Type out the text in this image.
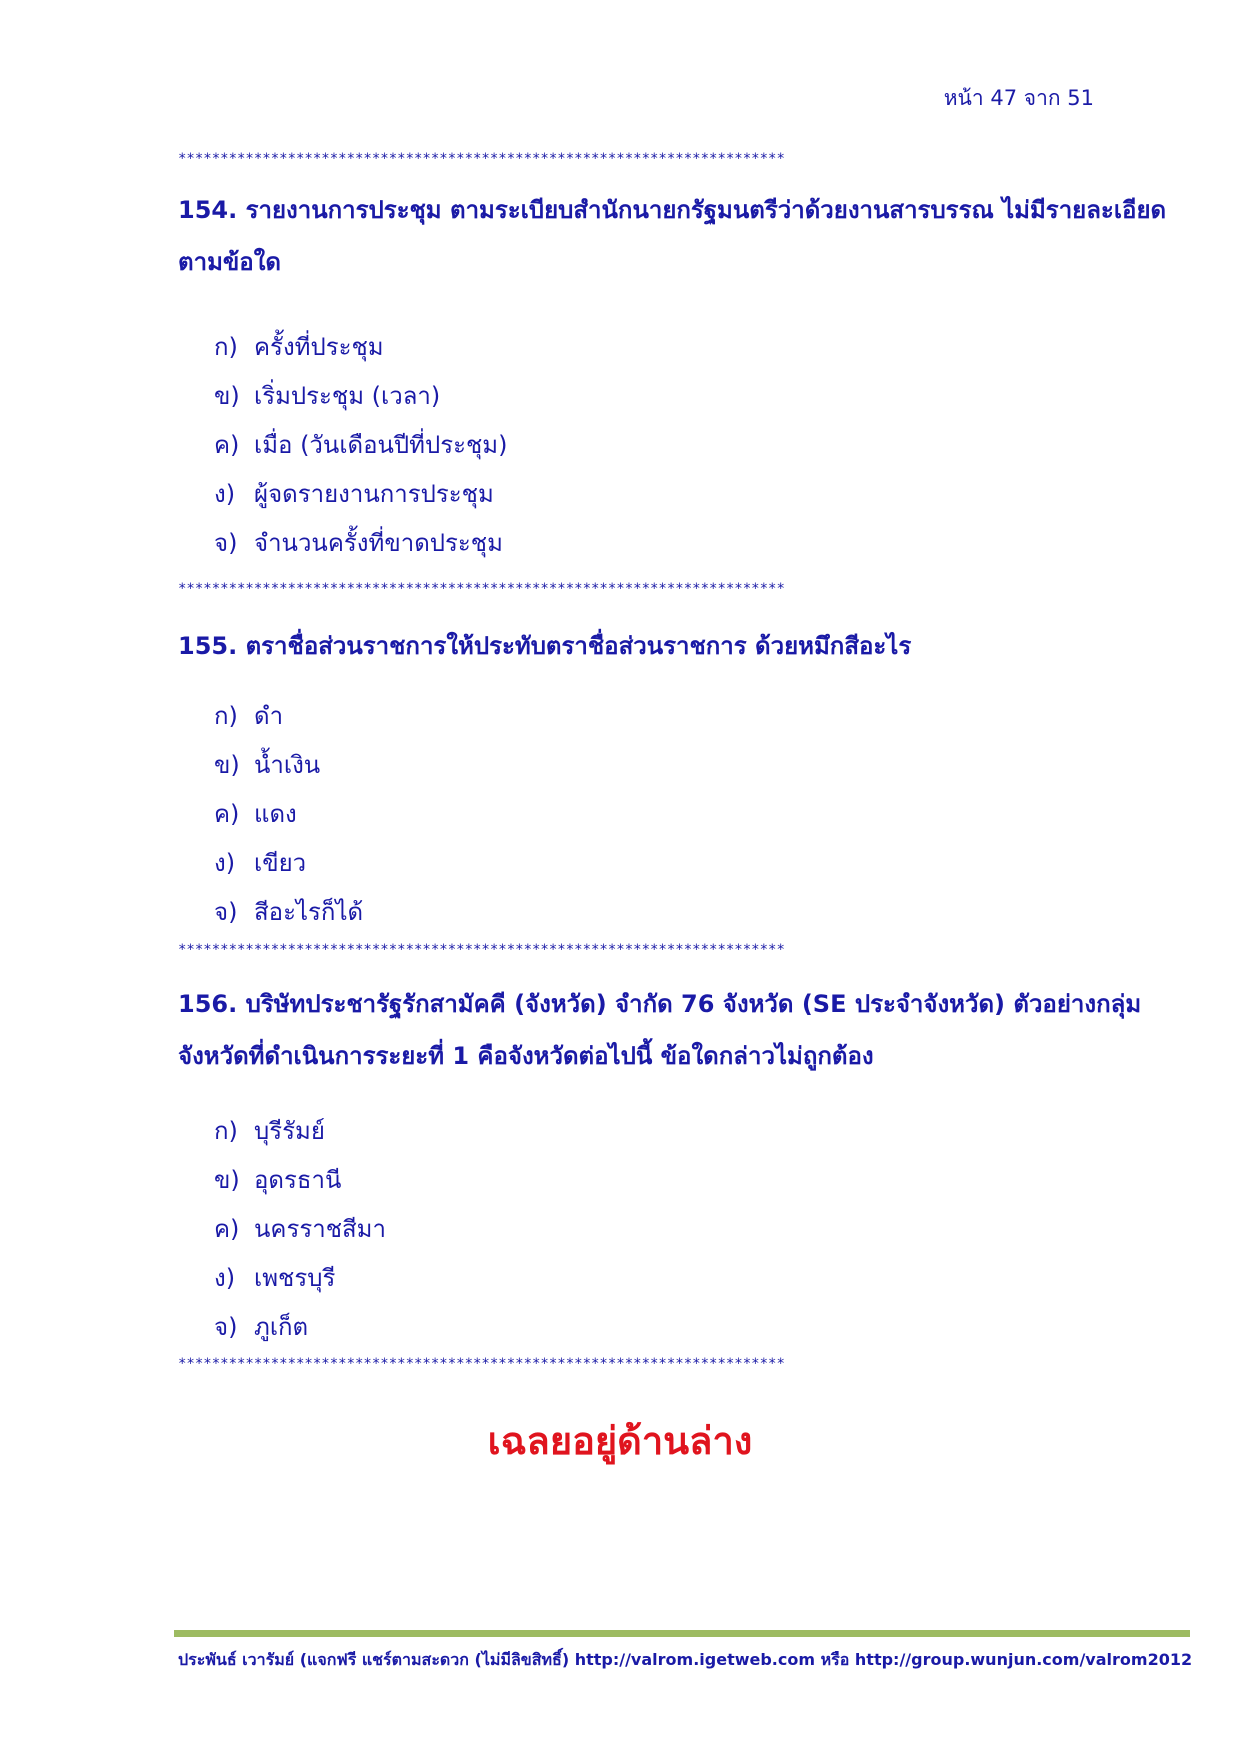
หน้า 47 จาก 51
************************************************************************
154. รายงานการประชุม ตามระเบียบสำนักนายกรัฐมนตรีว่าด้วยงานสารบรรณ ไม่มีรายละเอียดตามข้อใด
ก) ครั้งที่ประชุม
ข) เริ่มประชุม (เวลา)
ค) เมื่อ (วันเดือนปีที่ประชุม)
ง) ผู้จดรายงานการประชุม
จ) จำนวนครั้งที่ขาดประชุม
************************************************************************
155. ตราชื่อส่วนราชการให้ประทับตราชื่อส่วนราชการ ด้วยหมึกสีอะไร
ก) ดำ
ข) น้ำเงิน
ค) แดง
ง) เขียว
จ) สีอะไรก็ได้
************************************************************************
156. บริษัทประชารัฐรักสามัคคี (จังหวัด) จำกัด 76 จังหวัด (SE ประจำจังหวัด) ตัวอย่างกลุ่มจังหวัดที่ดำเนินการระยะที่ 1 คือจังหวัดต่อไปนี้ ข้อใดกล่าวไม่ถูกต้อง
ก) บุรีรัมย์
ข) อุดรธานี
ค) นครราชสีมา
ง) เพชรบุรี
จ) ภูเก็ต
************************************************************************
เฉลยอยู่ด้านล่าง
ประพันธ์ เวารัมย์ (แจกฟรี แชร์ตามสะดวก (ไม่มีลิขสิทธิ์) http://valrom.igetweb.com หรือ http://group.wunjun.com/valrom2012
